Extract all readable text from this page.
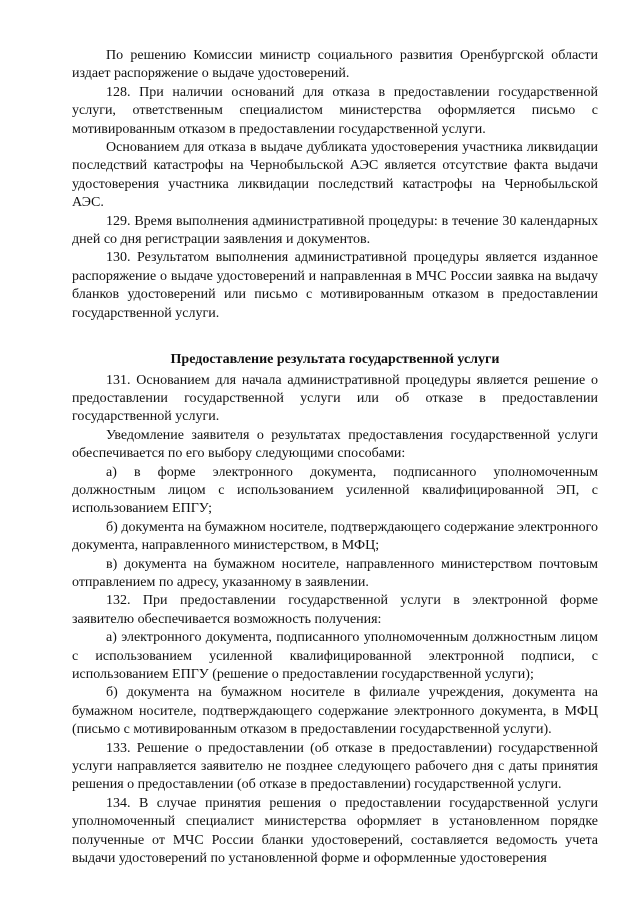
По решению Комиссии министр социального развития Оренбургской области издает распоряжение о выдаче удостоверений.

128. При наличии оснований для отказа в предоставлении государственной услуги, ответственным специалистом министерства оформляется письмо с мотивированным отказом в предоставлении государственной услуги.

Основанием для отказа в выдаче дубликата удостоверения участника ликвидации последствий катастрофы на Чернобыльской АЭС является отсутствие факта выдачи удостоверения участника ликвидации последствий катастрофы на Чернобыльской АЭС.

129. Время выполнения административной процедуры: в течение 30 календарных дней со дня регистрации заявления и документов.

130. Результатом выполнения административной процедуры является изданное распоряжение о выдаче удостоверений и направленная в МЧС России заявка на выдачу бланков удостоверений или письмо с мотивированным отказом в предоставлении государственной услуги.

Предоставление результата государственной услуги

131. Основанием для начала административной процедуры является решение о предоставлении государственной услуги или об отказе в предоставлении государственной услуги.

Уведомление заявителя о результатах предоставления государственной услуги обеспечивается по его выбору следующими способами:

а) в форме электронного документа, подписанного уполномоченным должностным лицом с использованием усиленной квалифицированной ЭП, с использованием ЕПГУ;

б) документа на бумажном носителе, подтверждающего содержание электронного документа, направленного министерством, в МФЦ;

в) документа на бумажном носителе, направленного министерством почтовым отправлением по адресу, указанному в заявлении.

132. При предоставлении государственной услуги в электронной форме заявителю обеспечивается возможность получения:

а) электронного документа, подписанного уполномоченным должностным лицом с использованием усиленной квалифицированной электронной подписи, с использованием ЕПГУ (решение о предоставлении государственной услуги);

б) документа на бумажном носителе в филиале учреждения, документа на бумажном носителе, подтверждающего содержание электронного документа, в МФЦ (письмо с мотивированным отказом в предоставлении государственной услуги).

133. Решение о предоставлении (об отказе в предоставлении) государственной услуги направляется заявителю не позднее следующего рабочего дня с даты принятия решения о предоставлении (об отказе в предоставлении) государственной услуги.

134. В случае принятия решения о предоставлении государственной услуги уполномоченный специалист министерства оформляет в установленном порядке полученные от МЧС России бланки удостоверений, составляется ведомость учета выдачи удостоверений по установленной форме и оформленные удостоверения
